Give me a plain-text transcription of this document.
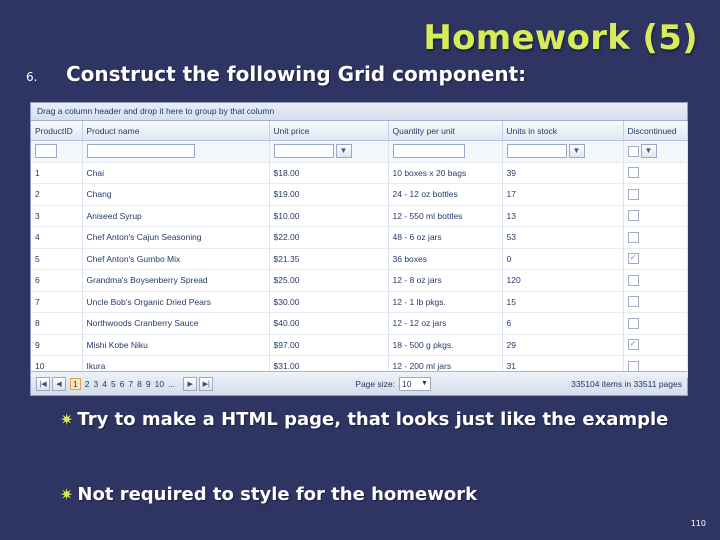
Homework (5)
6. Construct the following Grid component:
Drag a column header and drop it here to group by that column
ProductID	Product name	Unit price	Quantity per unit	Units in stock	Discontinued
		▼		▼	▼
1	Chai	$18.00	10 boxes x 20 bags	39	
2	Chang	$19.00	24 - 12 oz bottles	17	
3	Aniseed Syrup	$10.00	12 - 550 ml bottles	13	
4	Chef Anton's Cajun Seasoning	$22.00	48 - 6 oz jars	53	
5	Chef Anton's Gumbo Mix	$21.35	36 boxes	0	✓
6	Grandma's Boysenberry Spread	$25.00	12 - 8 oz jars	120	
7	Uncle Bob's Organic Dried Pears	$30.00	12 - 1 lb pkgs.	15	
8	Northwoods Cranberry Sauce	$40.00	12 - 12 oz jars	6	
9	Mishi Kobe Niku	$97.00	18 - 500 g pkgs.	29	✓
10	Ikura	$31.00	12 - 200 ml jars	31	
|◀	◀	1 2 3 4 5 6 7 8 9 10 ...	▶	▶|	Page size: 10 ▼	335104 items in 33511 pages
✷ Try to make a HTML page, that looks just like the example
✷ Not required to style for the homework
110
